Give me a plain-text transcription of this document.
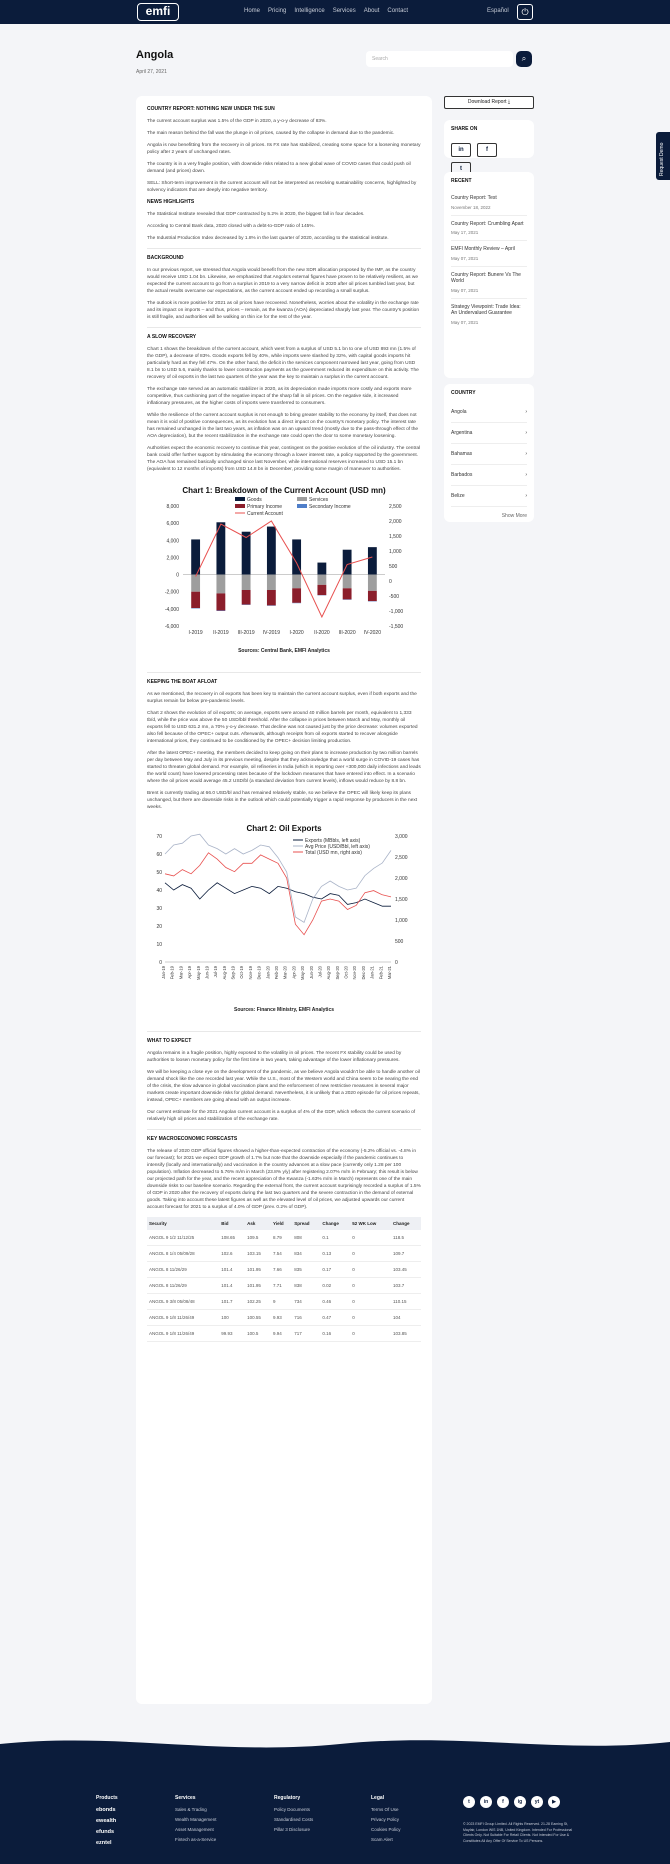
emfi	Home Pricing Intelligence Services About Contact	Español	⏻
Request Demo
Angola
April 27, 2021
Search	⌕
COUNTRY REPORT: NOTHING NEW UNDER THE SUN

The current account surplus was 1.5% of the GDP in 2020, a y-o-y decrease of 83%.

The main reason behind the fall was the plunge in oil prices, caused by the collapse in demand due to the pandemic.

Angola is now benefitting from the recovery in oil prices. Its FX rate has stabilized, creating some space for a loosening monetary policy after 2 years of unchanged rates.

The country is in a very fragile position, with downside risks related to a new global wave of COVID cases that could push oil demand (and prices) down.

SELL: Short-term improvement in the current account will not be interpreted as resolving sustainability concerns, highlighted by solvency indicators that are deeply into negative territory.

NEWS HIGHLIGHTS

The Statistical Institute revealed that GDP contracted by 5.2% in 2020, the biggest fall in four decades.

According to Central Bank data, 2020 closed with a debt-to-GDP ratio of 145%.

The Industrial Production Index decreased by 1.8% in the last quarter of 2020, according to the statistical institute.

BACKGROUND

In our previous report, we stressed that Angola would benefit from the new SDR allocation proposed by the IMF, as the country would receive USD 1.04 bn. Likewise, we emphasized that Angola's external figures have proven to be relatively resilient, as we expected the current account to go from a surplus in 2019 to a very narrow deficit in 2020 after oil prices tumbled last year, but the actual results overcame our expectations, as the current account ended up recording a small surplus.

The outlook is more positive for 2021 as oil prices have recovered. Nonetheless, worries about the volatility in the exchange rate and its impact on imports – and thus, prices – remain, as the kwanza (AOA) depreciated sharply last year. The country's position is still fragile, and authorities will be walking on thin ice for the rest of the year.

A SLOW RECOVERY

Chart 1 shows the breakdown of the current account, which went from a surplus of USD 5.1 bn to one of USD 893 mn (1.5% of the GDP), a decrease of 83%. Goods exports fell by 40%, while imports were slashed by 32%, with capital goods imports hit particularly hard as they fell 47%. On the other hand, the deficit in the services component narrowed last year, going from USD 8.1 bn to USD 5.6, mainly thanks to lower construction payments as the government reduced its expenditure on this activity. The recovery of oil exports in the last two quarters of the year was the key to maintain a surplus in the current account.

The exchange rate served as an automatic stabilizer in 2020, as its depreciation made imports more costly and exports more competitive, thus cushioning part of the negative impact of the sharp fall in oil prices. On the negative side, it increased inflationary pressures, as the higher costs of imports were transferred to consumers.

While the resilience of the current account surplus is not enough to bring greater stability to the economy by itself, that does not mean it is void of positive consequences, as its evolution has a direct impact on the country's monetary policy. The interest rate has remained unchanged in the last two years, as inflation was on an upward trend (mostly due to the pass-through effect of the AOA depreciation), but the recent stabilization in the exchange rate could open the door to some monetary loosening.

Authorities expect the economic recovery to continue this year, contingent on the positive evolution of the oil industry. The central bank could offer further support by stimulating the economy through a lower interest rate, a policy supported by the government. The AOA has remained basically unchanged since last November, while international reserves increased to USD 15.1 bn (equivalent to 12 months of imports) from USD 14.8 bn in December, providing some margin of maneuver to authorities.

Chart 1: Breakdown of the Current Account (USD mn)
8,000
6,000
4,000
2,000
0
-2,000
-4,000
-6,000
2,500
2,000
1,500
1,000
500
0
-500
-1,000
-1,500
I-2019 II-2019 III-2019 IV-2019 I-2020 II-2020 III-2020 IV-2020
Goods	Services
Primary Income	Secondary Income
Current Account
Sources: Central Bank, EMFI Analytics
KEEPING THE BOAT AFLOAT

As we mentioned, the recovery in oil exports has been key to maintain the current account surplus, even if both exports and the surplus remain far below pre-pandemic levels.

Chart 2 shows the evolution of oil exports; on average, exports were around 40 million barrels per month, equivalent to 1,333 tb/d, while the price was above the 50 USD/bbl threshold. After the collapse in prices between March and May, monthly oil exports fell to USD 631.2 mn, a 70% y-o-y decrease. That decline was not caused just by the price decrease: volumes exported also fell because of the OPEC+ output cuts. Afterwards, although receipts from oil exports started to recover alongside international prices, they continued to be conditioned by the OPEC+ decision limiting production.

After the latest OPEC+ meeting, the members decided to keep going on their plans to increase production by two million barrels per day between May and July in its previous meeting, despite that they acknowledge that a world surge in COVID-19 cases has started to threaten global demand. For example, oil refineries in India (which is reporting over +300,000 daily infections and leads the world count) have lowered processing rates because of the lockdown measures that have entered into effect. In a scenario where the oil prices would average 45.2 USD/bl (a standard deviation from current levels), inflows would reduce by 8.8 bn.

Brent is currently trading at 66.0 USD/bl and has remained relatively stable, so we believe the OPEC will likely keep its plans unchanged, but there are downside risks in the outlook which could potentially trigger a rapid response by producers in the next weeks.

Chart 2: Oil Exports
70
60
50
40
30
20
10
0
3,000
2,500
2,000
1,500
1,000
500
0
Jan-19 Feb-19 Mar-19 Apr-19 May-19 Jun-19 Jul-19 Aug-19 Sep-19 Oct-19 Nov-19 Dec-19 Jan-20 Feb-20 Mar-20 Apr-20 May-20 Jun-20 Jul-20 Aug-20 Sep-20 Oct-20 Nov-20 Dec-20 Jan-21 Feb-21 Mar-21
Exports (MBbls, left axis)
Avg Price (USD/Bbl, left axis)
Total (USD mn, right axis)
Sources: Finance Ministry, EMFI Analytics
WHAT TO EXPECT

Angola remains in a fragile position, highly exposed to the volatility in oil prices. The recent FX stability could be used by authorities to loosen monetary policy for the first time in two years, taking advantage of the lower inflationary pressures.

We will be keeping a close eye on the development of the pandemic, as we believe Angola wouldn't be able to handle another oil demand shock like the one recorded last year. While the U.S., most of the Western world and China seem to be nearing the end of the crisis, the slow advance in global vaccination plans and the enforcement of new restrictive measures in several major markets create important downside risks for global demand. Nevertheless, it is unlikely that a 2020 episode for oil prices repeats, instead, OPEC+ members are going ahead with an output increase.

Our current estimate for the 2021 Angolan current account is a surplus of 4% of the GDP, which reflects the current scenario of relatively high oil prices and stabilization of the exchange rate.

KEY MACROECONOMIC FORECASTS

The release of 2020 GDP official figures showed a higher-than-expected contraction of the economy (-5.2% official vs. -4.8% in our forecast); for 2021 we expect GDP growth of 1.7% but note that the downside especially if the pandemic continues to intensify (locally and internationally) and vaccination in the country advances at a slow pace (currently only 1.28 per 100 population). Inflation decreased to 5.76% m/m in March (23.8% y/y) after registering 2.07% m/m in February; this result is below our projected path for the year, and the recent appreciation of the Kwanza (-1.63% m/m in March) represents one of the main downside risks to our baseline scenario. Regarding the external front, the current account surprisingly recorded a surplus of 1.5% of GDP in 2020 after the recovery of exports during the last two quarters and the severe contraction in the demand of external goods. Taking into account these latest figures as well as the elevated level of oil prices, we adjusted upwards our current account forecast for 2021 to a surplus of 4.0% of GDP (prev. 0.2% of GDP).

Security	Bid	Ask	Yield	Spread	Change	52 WK Low	Change
ANGOL 9 1/2 11/12/25	108.65	109.5	8.79	808	0.1	0	118.5
ANGOL 8 1/4 05/09/28	102.6	103.15	7.54	834	0.13	0	109.7
ANGOL 8 11/26/29	101.4	101.95	7.66	835	0.17	0	103.45
ANGOL 8 11/26/29	101.4	101.95	7.71	838	0.02	0	103.7
ANGOL 9 3/8 05/08/48	101.7	102.25	9	734	0.46	0	110.15
ANGOL 9 1/8 11/26/49	100	100.55	9.93	716	0.47	0	104
ANGOL 9 1/8 11/26/49	99.93	100.5	9.94	717	0.16	0	103.85
Download Report ⤓
SHARE ON
in	ft
RECENT
Country Report: Test
November 18, 2022
Country Report: Crumbling Apart
May 17, 2021
EMFI Monthly Review – April
May 07, 2021
Country Report: Bunere Vs The World
May 07, 2021
Strategy Viewpoint: Trade Idea: An Undervalued Guarantee
May 07, 2021
COUNTRY
Angola	›
Argentina	›
Bahamas	›
Barbados	›
Belize	›
Show More
Products
ebonds
ewealth
efunds
ezntel
Services
Sales & Trading
Wealth Management
Asset Management
Fintech as-a-Service
Regulatory
Policy Documents
Standardised Costs
Pillar 3 Disclosure
Legal
Terms Of Use
Privacy Policy
Cookies Policy
Scam Alert
t	in	f	ig	yt	▶
© 2023 EMFI Group Limited. All Rights Reserved. 21-28 Eaming St, Mayfair, London WIS 1NB, United Kingdom. Intended For Professional Clients Only. Not Suitable For Retail Clients. Not Intended For Use & Constitutes All Any Offer Of Service To US Persons.
